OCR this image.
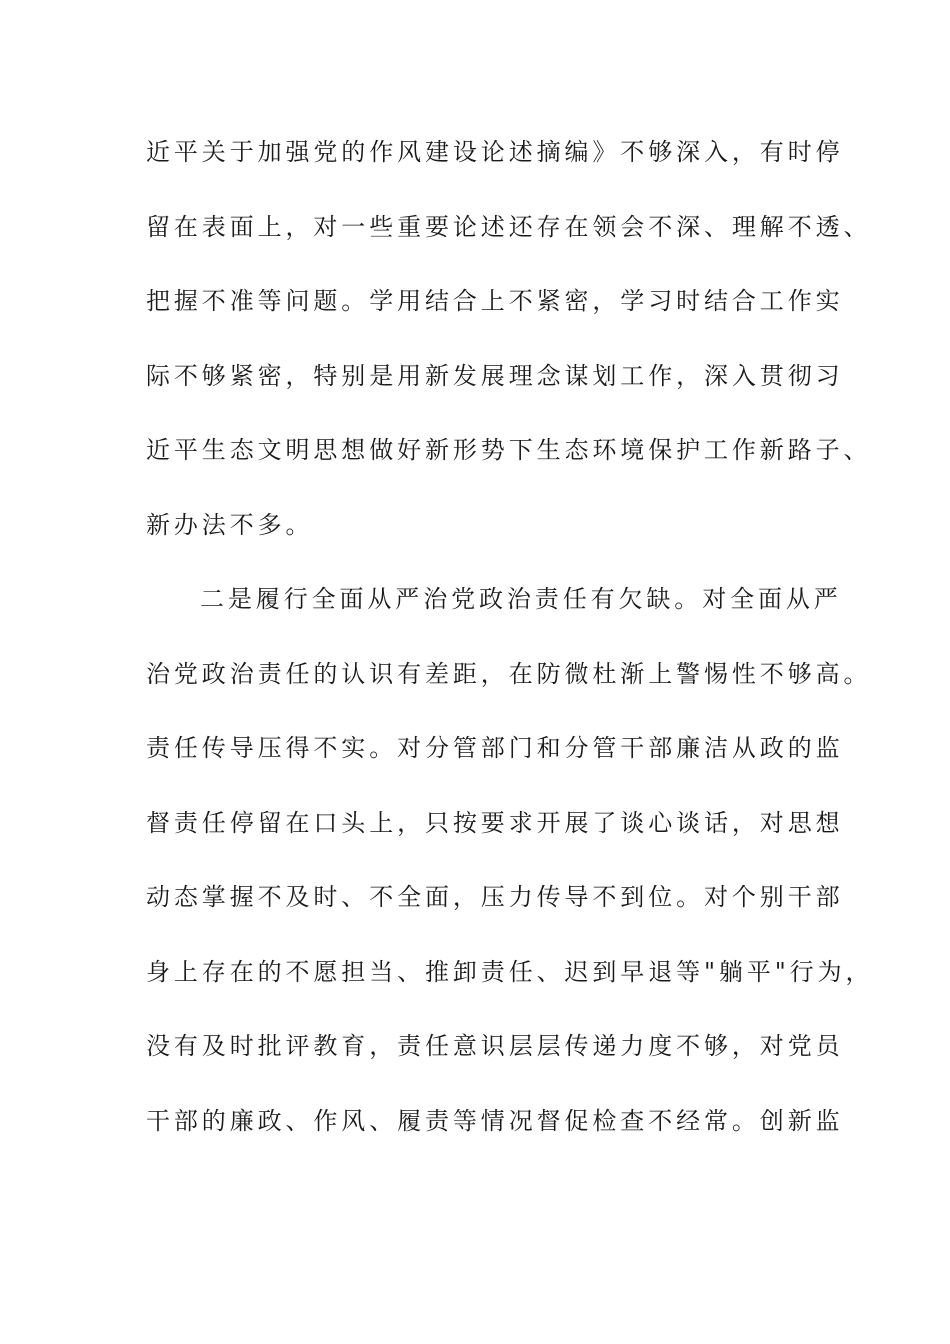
近平关于加强党的作风建设论述摘编》不够深入，有时停
留在表面上，对一些重要论述还存在领会不深、理解不透、
把握不准等问题。学用结合上不紧密，学习时结合工作实
际不够紧密，特别是用新发展理念谋划工作，深入贯彻习
近平生态文明思想做好新形势下生态环境保护工作新路子、
新办法不多。
二是履行全面从严治党政治责任有欠缺。对全面从严
治党政治责任的认识有差距，在防微杜渐上警惕性不够高。
责任传导压得不实。对分管部门和分管干部廉洁从政的监
督责任停留在口头上，只按要求开展了谈心谈话，对思想
动态掌握不及时、不全面，压力传导不到位。对个别干部
身上存在的不愿担当、推卸责任、迟到早退等"躺平"行为，
没有及时批评教育，责任意识层层传递力度不够，对党员
干部的廉政、作风、履责等情况督促检查不经常。创新监
